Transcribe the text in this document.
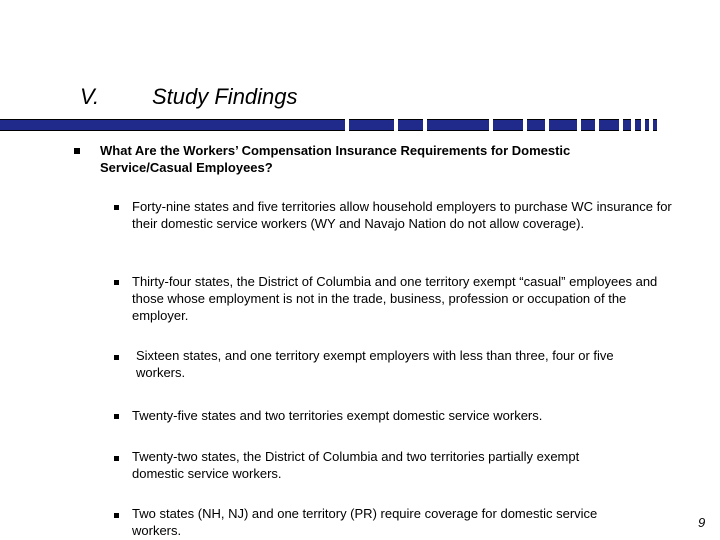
V. Study Findings
What Are the Workers’ Compensation Insurance Requirements for Domestic Service/Casual Employees?
Forty-nine states and five territories allow household employers to purchase WC insurance for their domestic service workers (WY and Navajo Nation do not allow coverage).
Thirty-four states, the District of Columbia and one territory exempt “casual” employees and those whose employment is not in the trade, business, profession or occupation of the employer.
Sixteen states, and one territory exempt employers with less than three, four or five workers.
Twenty-five states and two territories exempt domestic service workers.
Twenty-two states, the District of Columbia and two territories partially exempt domestic service workers.
Two states (NH, NJ) and one territory (PR) require coverage for domestic service workers.
9
